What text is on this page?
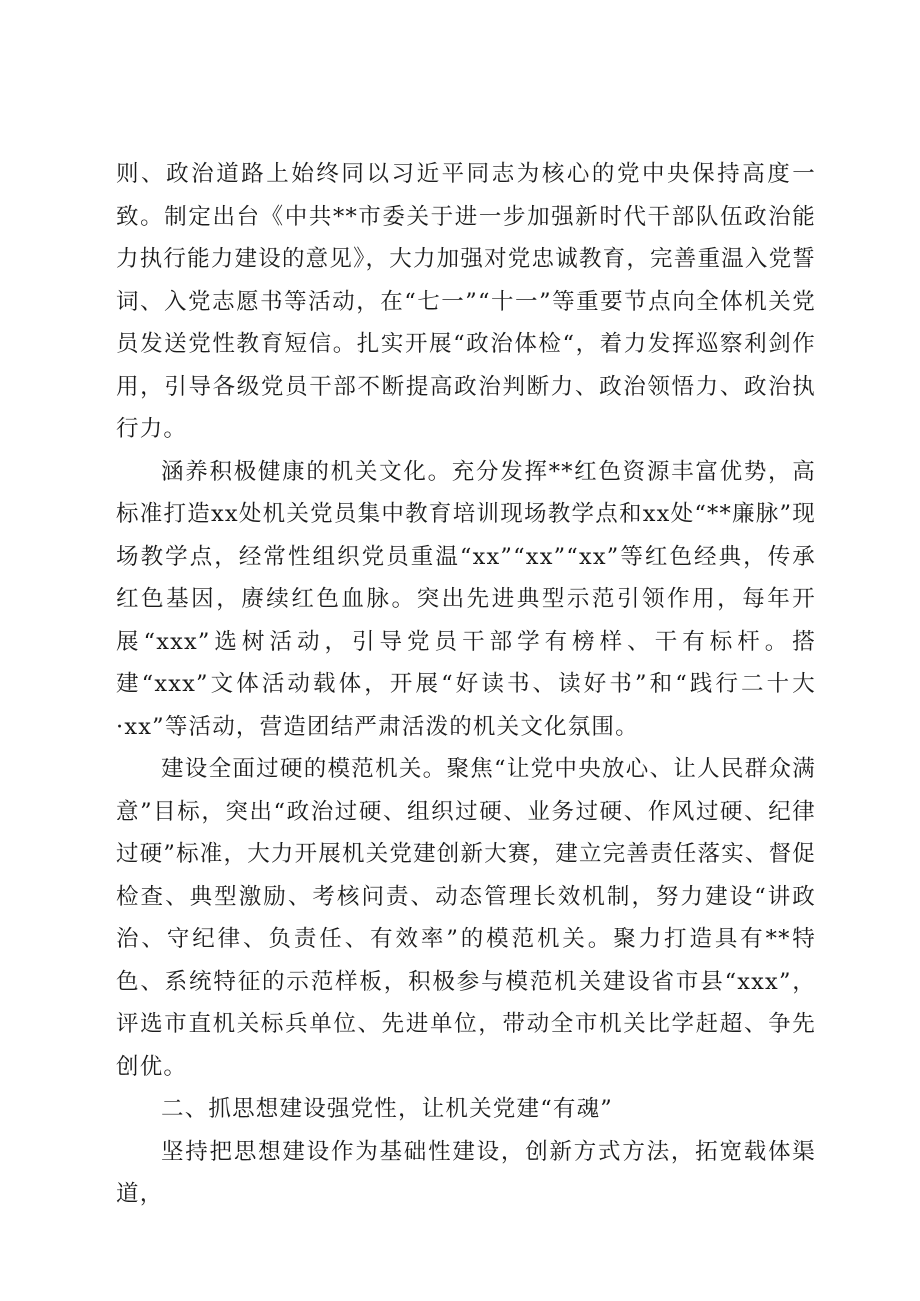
则、政治道路上始终同以习近平同志为核心的党中央保持高度一致。制定出台《中共**市委关于进一步加强新时代干部队伍政治能力执行能力建设的意见》，大力加强对党忠诚教育，完善重温入党誓词、入党志愿书等活动，在“七一”“十一”等重要节点向全体机关党员发送党性教育短信。扎实开展“政治体检“，着力发挥巡察利剑作用，引导各级党员干部不断提高政治判断力、政治领悟力、政治执行力。

涵养积极健康的机关文化。充分发挥**红色资源丰富优势，高标准打造xx处机关党员集中教育培训现场教学点和xx处“**廉脉”现场教学点，经常性组织党员重温“xx”“xx”“xx”等红色经典，传承红色基因，赓续红色血脉。突出先进典型示范引领作用，每年开展“xxx”选树活动，引导党员干部学有榜样、干有标杆。搭建“xxx”文体活动载体，开展“好读书、读好书”和“践行二十大·xx”等活动，营造团结严肃活泼的机关文化氛围。

建设全面过硬的模范机关。聚焦“让党中央放心、让人民群众满意”目标，突出“政治过硬、组织过硬、业务过硬、作风过硬、纪律过硬”标准，大力开展机关党建创新大赛，建立完善责任落实、督促检查、典型激励、考核问责、动态管理长效机制，努力建设“讲政治、守纪律、负责任、有效率”的模范机关。聚力打造具有**特色、系统特征的示范样板，积极参与模范机关建设省市县“xxx”，评选市直机关标兵单位、先进单位，带动全市机关比学赶超、争先创优。

二、抓思想建设强党性，让机关党建“有魂”

坚持把思想建设作为基础性建设，创新方式方法，拓宽载体渠道，
